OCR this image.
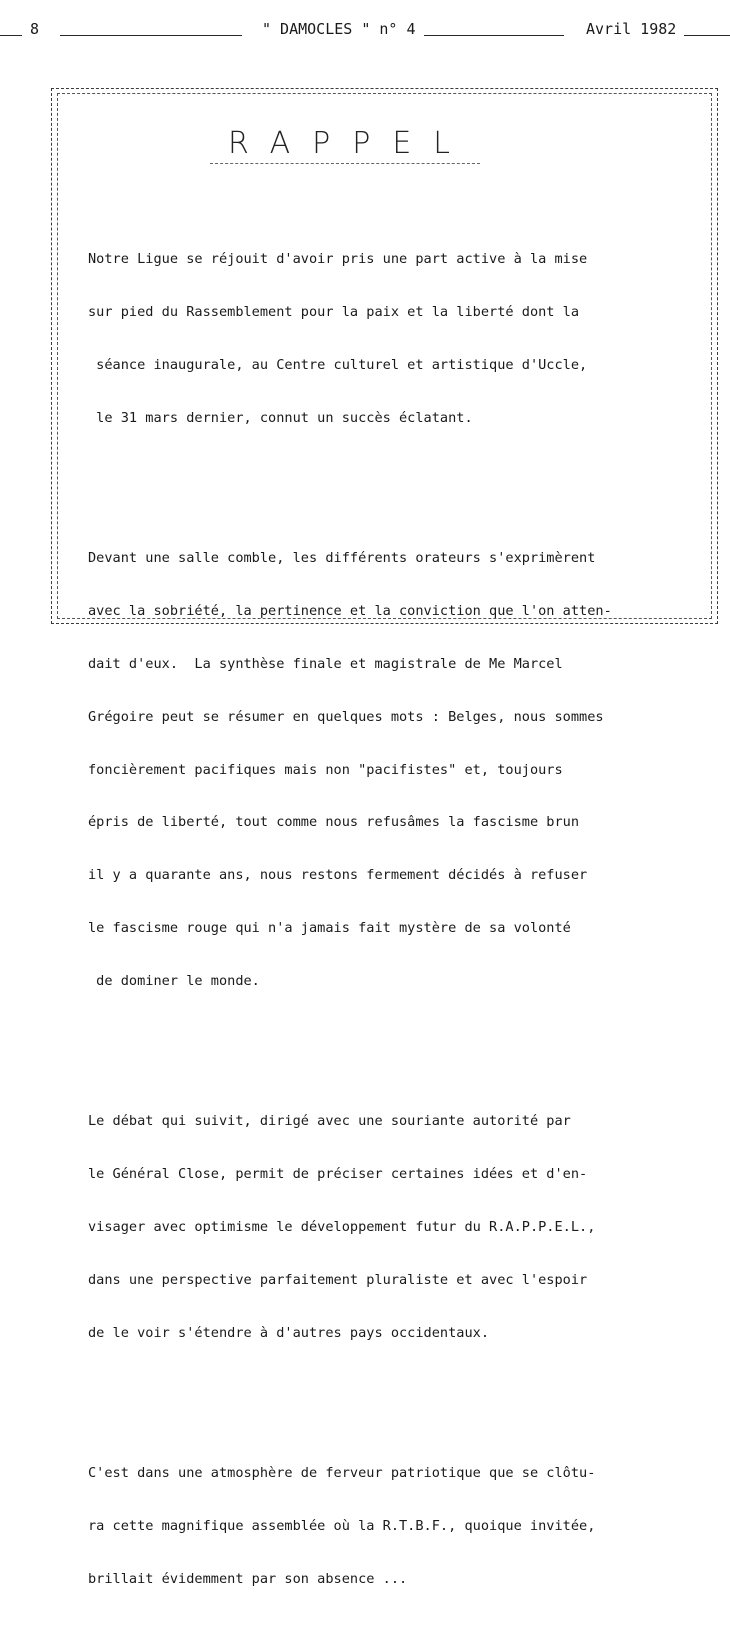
8	" DAMOCLES " n° 4	Avril 1982
RAPPEL

Notre Ligue se réjouit d'avoir pris une part active à la mise

sur pied du Rassemblement pour la paix et la liberté dont la

séance inaugurale, au Centre culturel et artistique d'Uccle,

le 31 mars dernier, connut un succès éclatant.

Devant une salle comble, les différents orateurs s'exprimèrent

avec la sobriété, la pertinence et la conviction que l'on atten-

dait d'eux.  La synthèse finale et magistrale de Me Marcel

Grégoire peut se résumer en quelques mots : Belges, nous sommes

foncièrement pacifiques mais non "pacifistes" et, toujours

épris de liberté, tout comme nous refusâmes la fascisme brun

il y a quarante ans, nous restons fermement décidés à refuser

le fascisme rouge qui n'a jamais fait mystère de sa volonté

de dominer le monde.

Le débat qui suivit, dirigé avec une souriante autorité par

le Général Close, permit de préciser certaines idées et d'en-

visager avec optimisme le développement futur du R.A.P.P.E.L.,

dans une perspective parfaitement pluraliste et avec l'espoir

de le voir s'étendre à d'autres pays occidentaux.

C'est dans une atmosphère de ferveur patriotique que se clôtu-

ra cette magnifique assemblée où la R.T.B.F., quoique invitée,

brillait évidemment par son absence ...
